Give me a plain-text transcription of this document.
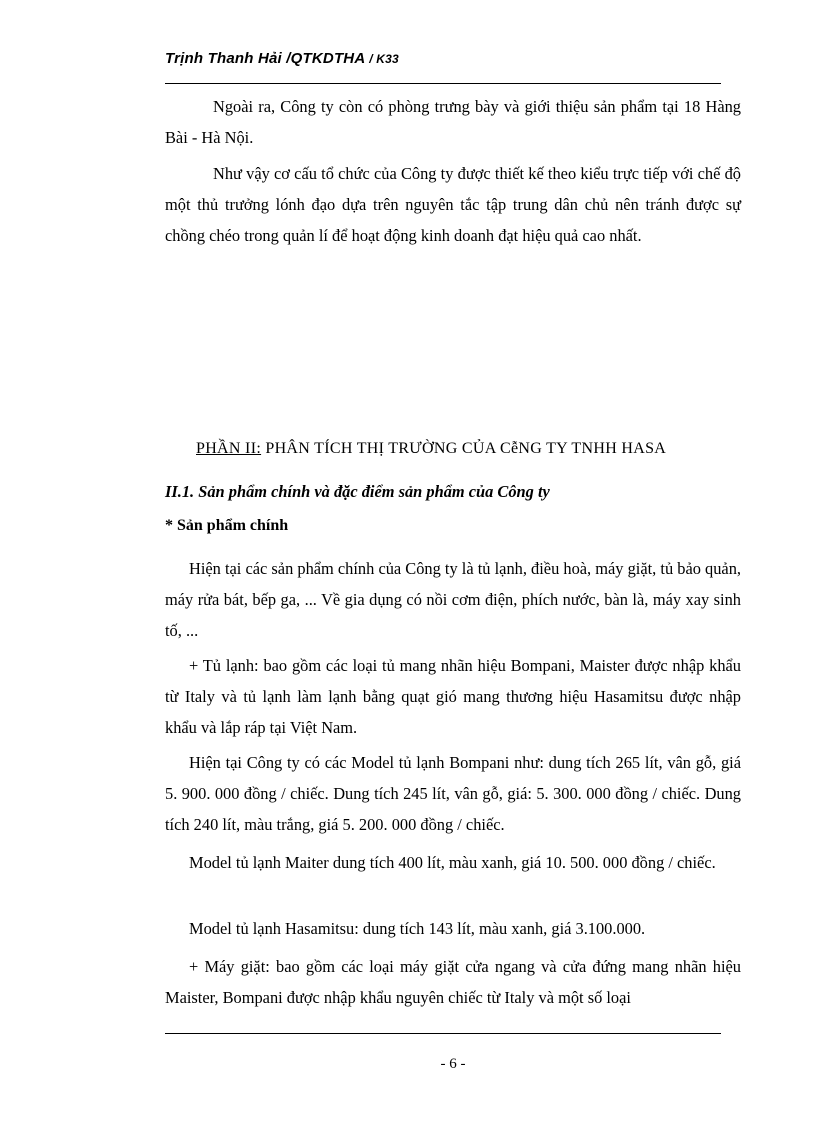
Trịnh Thanh Hải /QTKDTHA / K33

Ngoài ra, Công ty còn có phòng trưng bày và giới thiệu sản phẩm tại 18 Hàng Bài - Hà Nội.

Như vậy cơ cấu tổ chức của Công ty được thiết kế theo kiểu trực tiếp với chế độ một thủ trưởng lónh đạo dựa trên nguyên tắc tập trung dân chủ nên tránh được sự chồng chéo trong quản lí để hoạt động kinh doanh đạt hiệu quả cao nhất.

PHẦN II: PHÂN TÍCH THỊ TRƯỜNG CỦA CễNG TY TNHH HASA

II.1. Sản phẩm chính và đặc điểm sản phẩm của Công ty

* Sản phẩm chính

Hiện tại các sản phẩm chính của Công ty là tủ lạnh, điều hoà, máy giặt, tủ bảo quản, máy rửa bát, bếp ga, ... Về gia dụng có nồi cơm điện, phích nước, bàn là, máy xay sinh tố, ...

+ Tủ lạnh: bao gồm các loại tủ mang nhãn hiệu Bompani, Maister được nhập khẩu từ Italy và tủ lạnh làm lạnh bằng quạt gió mang thương hiệu Hasamitsu được nhập khẩu và lắp ráp tại Việt Nam.

Hiện tại Công ty có các Model tủ lạnh Bompani như: dung tích 265 lít, vân gỗ, giá 5. 900. 000 đồng / chiếc. Dung tích 245 lít, vân gỗ, giá: 5. 300. 000 đồng / chiếc. Dung tích 240 lít, màu trắng, giá 5. 200. 000 đồng / chiếc.

Model tủ lạnh Maiter dung tích 400 lít, màu xanh, giá 10. 500. 000 đồng / chiếc.

Model tủ lạnh Hasamitsu: dung tích 143 lít, màu xanh, giá 3.100.000.

+ Máy giặt: bao gồm các loại máy giặt cửa ngang và cửa đứng mang nhãn hiệu Maister, Bompani được nhập khẩu nguyên chiếc từ Italy và một số loại

- 6 -
